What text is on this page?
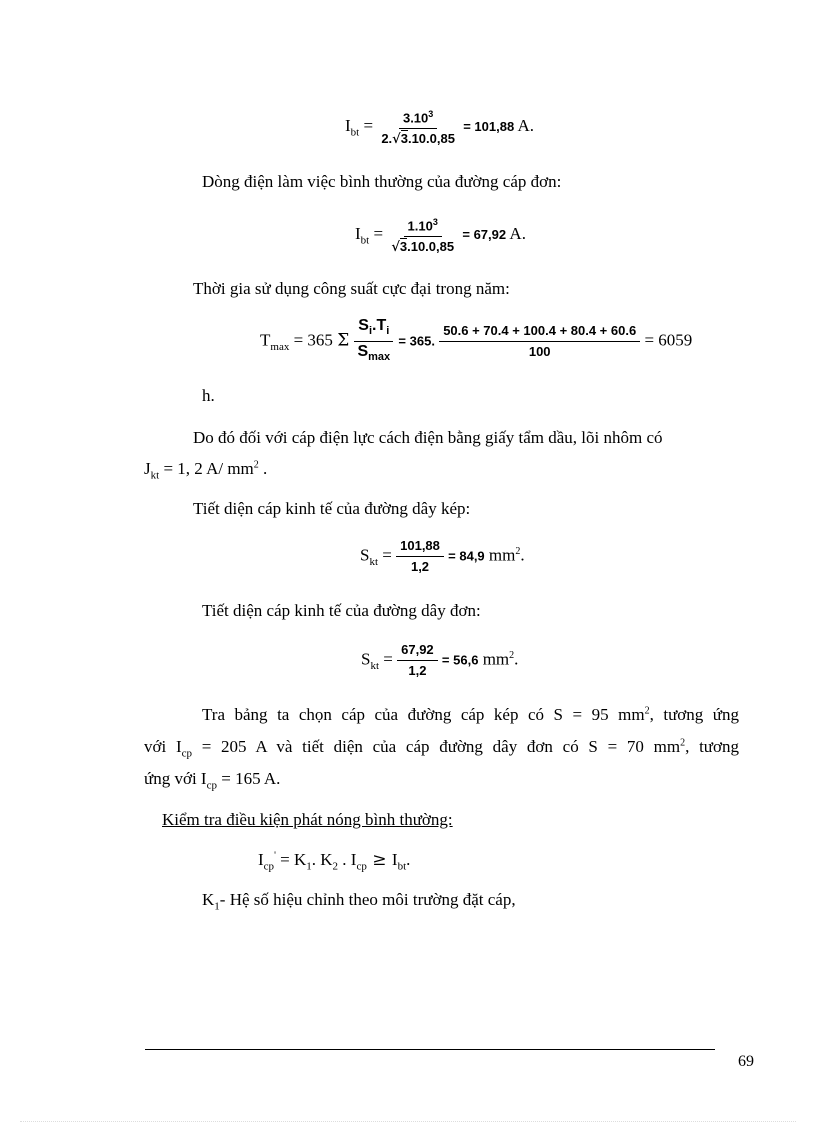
$I_{bt} = \frac{3.10^3}{2.√3.10.0,85} = 101,88$ A.
Dòng điện làm việc bình thường của đường cáp đơn:
$I_{bt} = \frac{1.10^3}{√3.10.0,85} = 67,92$ A.
Thời gia sử dụng công suất cực đại trong năm:
$T_{max} = 365$ Σ $\frac{S_i.T_i}{S_{max}} = 365$. $\frac{50.6 + 70.4 + 100.4 + 80.4 + 60.6}{100} = 6059$
h.
Do đó đối với cáp điện lực cách điện bằng giấy tẩm dầu, lõi nhôm có
$J_{kt} = 1$, 2 A/ $mm^2$ .
Tiết diện cáp kinh tế của đường dây kép:
$S_{kt} = \frac{101,88}{1,2} = 84,9$ $mm^2$.
Tiết diện cáp kinh tế của đường dây đơn:
$S_{kt} = \frac{67,92}{1,2} = 56,6$ $mm^2$.
Tra bảng ta chọn cáp của đường cáp kép có S = 95 $mm^2$, tương ứng
với $I_{cp} = 205$ A và tiết diện của cáp đường dây đơn có S = 70 $mm^2$, tương
ứng với $I_{cp} = 165$ A.
Kiểm tra điều kiện phát nóng bình thường:
$I_{cp}' = K_1$. $K_2$ . $I_{cp} \ge I_{bt}$.
$K_1-$ Hệ số hiệu chỉnh theo môi trường đặt cáp,
69
